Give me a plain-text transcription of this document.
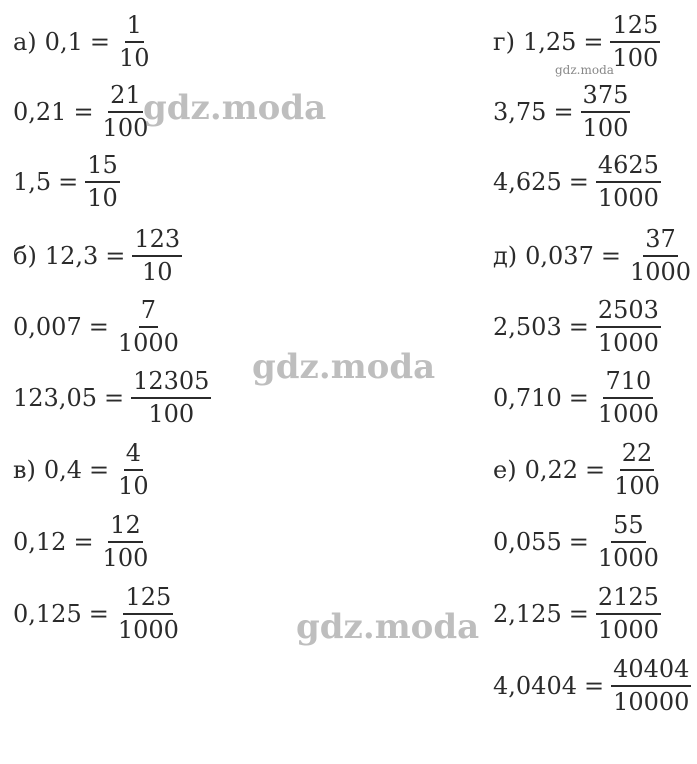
а) $0,1 = \frac{1}{10}$
$0,21 = \frac{21}{100}$
$1,5 = \frac{15}{10}$
б) $12,3 = \frac{123}{10}$
$0,007 = \frac{7}{1000}$
$123,05 = \frac{12305}{100}$
в) $0,4 = \frac{4}{10}$
$0,12 = \frac{12}{100}$
$0,125 = \frac{125}{1000}$
г) $1,25 = \frac{125}{100}$
$3,75 = \frac{375}{100}$
$4,625 = \frac{4625}{1000}$
д) $0,037 = \frac{37}{1000}$
$2,503 = \frac{2503}{1000}$
$0,710 = \frac{710}{1000}$
е) $0,22 = \frac{22}{100}$
$0,055 = \frac{55}{1000}$
$2,125 = \frac{2125}{1000}$
$4,0404 = \frac{40404}{10000}$
gdz.moda
gdz.moda
gdz.moda
gdz.moda
